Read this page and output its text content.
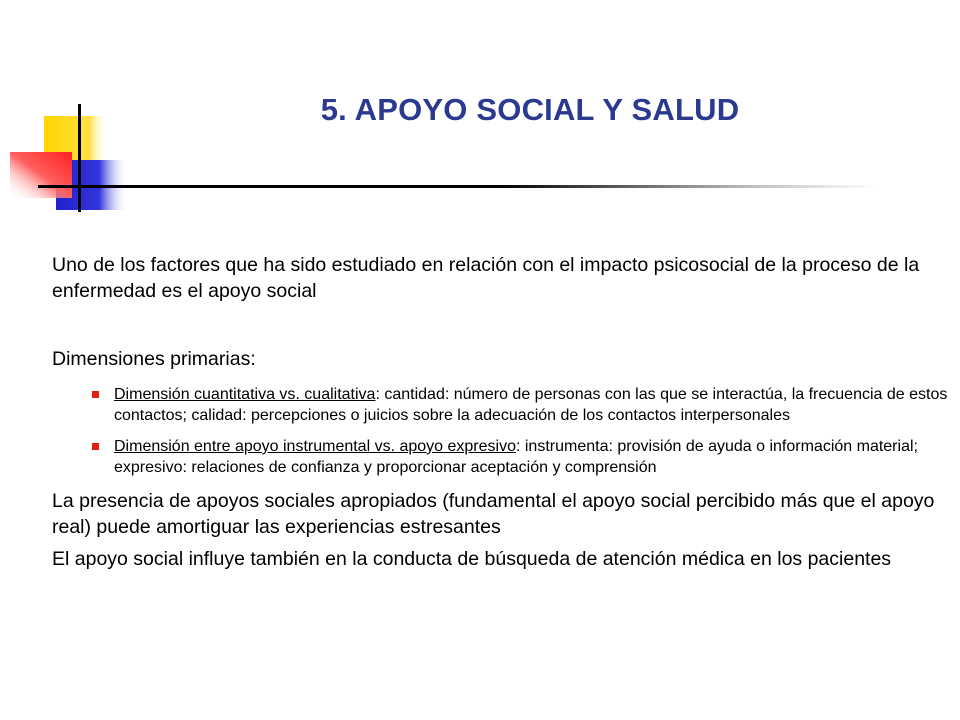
5. APOYO SOCIAL Y SALUD

Uno de los factores que ha sido estudiado en relación con el impacto psicosocial de la proceso de la enfermedad es el apoyo social

Dimensiones primarias:

Dimensión cuantitativa vs. cualitativa: cantidad: número de personas con las que se interactúa, la frecuencia de estos contactos; calidad: percepciones o juicios sobre la adecuación de los contactos interpersonales
Dimensión entre apoyo instrumental vs. apoyo expresivo: instrumenta: provisión de ayuda o información material; expresivo: relaciones de confianza y proporcionar aceptación y comprensión

La presencia de apoyos sociales apropiados (fundamental el apoyo social percibido más que el apoyo real) puede amortiguar las experiencias estresantes

El apoyo social influye también en la conducta de búsqueda de atención médica en los pacientes
